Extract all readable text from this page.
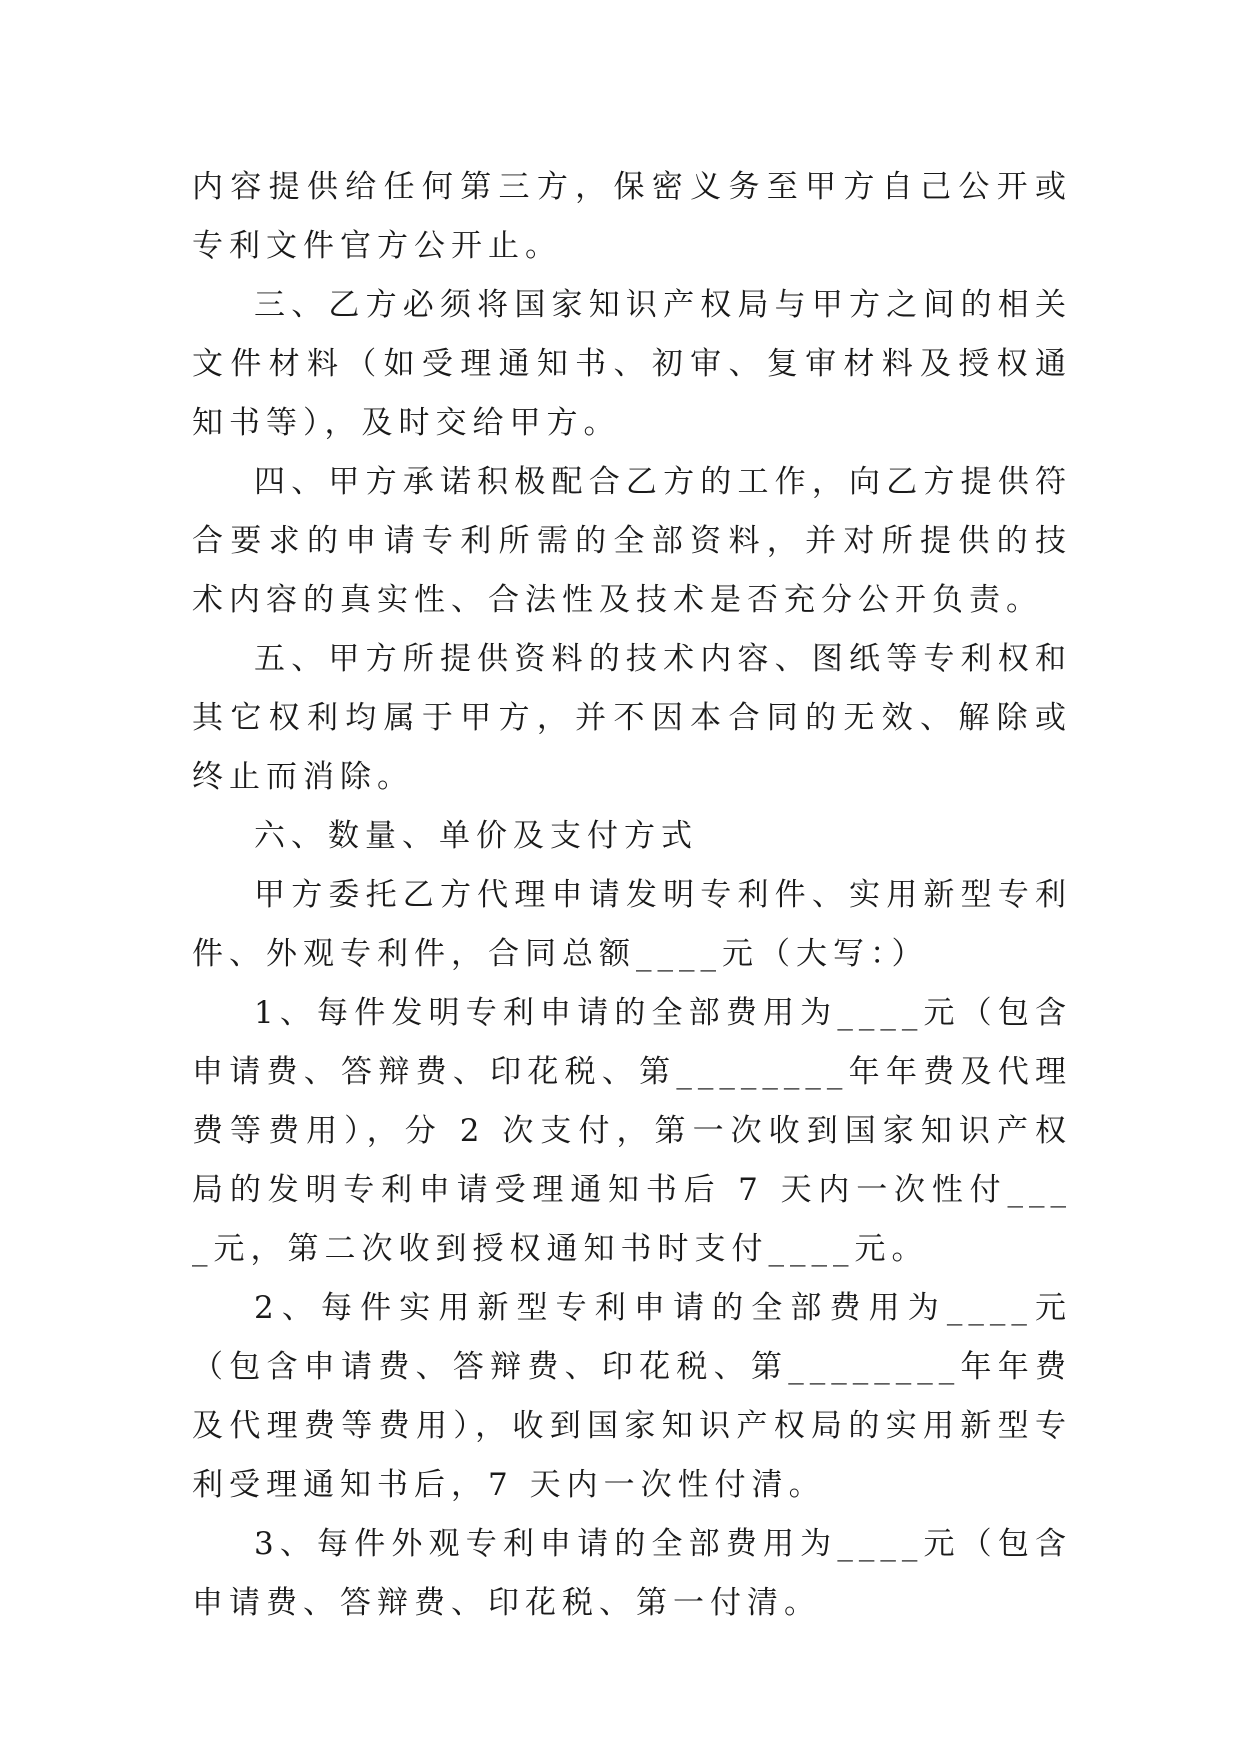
内容提供给任何第三方，保密义务至甲方自己公开或专利文件官方公开止。

三、乙方必须将国家知识产权局与甲方之间的相关文件材料（如受理通知书、初审、复审材料及授权通知书等），及时交给甲方。

四、甲方承诺积极配合乙方的工作，向乙方提供符合要求的申请专利所需的全部资料，并对所提供的技术内容的真实性、合法性及技术是否充分公开负责。

五、甲方所提供资料的技术内容、图纸等专利权和其它权利均属于甲方，并不因本合同的无效、解除或终止而消除。

六、数量、单价及支付方式

甲方委托乙方代理申请发明专利件、实用新型专利件、外观专利件，合同总额____元（大写：）

1、每件发明专利申请的全部费用为____元（包含申请费、答辩费、印花税、第________年年费及代理费等费用），分 2 次支付，第一次收到国家知识产权局的发明专利申请受理通知书后 7 天内一次性付____元，第二次收到授权通知书时支付____元。

2、每件实用新型专利申请的全部费用为____元（包含申请费、答辩费、印花税、第________年年费及代理费等费用），收到国家知识产权局的实用新型专利受理通知书后，7 天内一次性付清。

3、每件外观专利申请的全部费用为____元（包含申请费、答辩费、印花税、第一付清。
